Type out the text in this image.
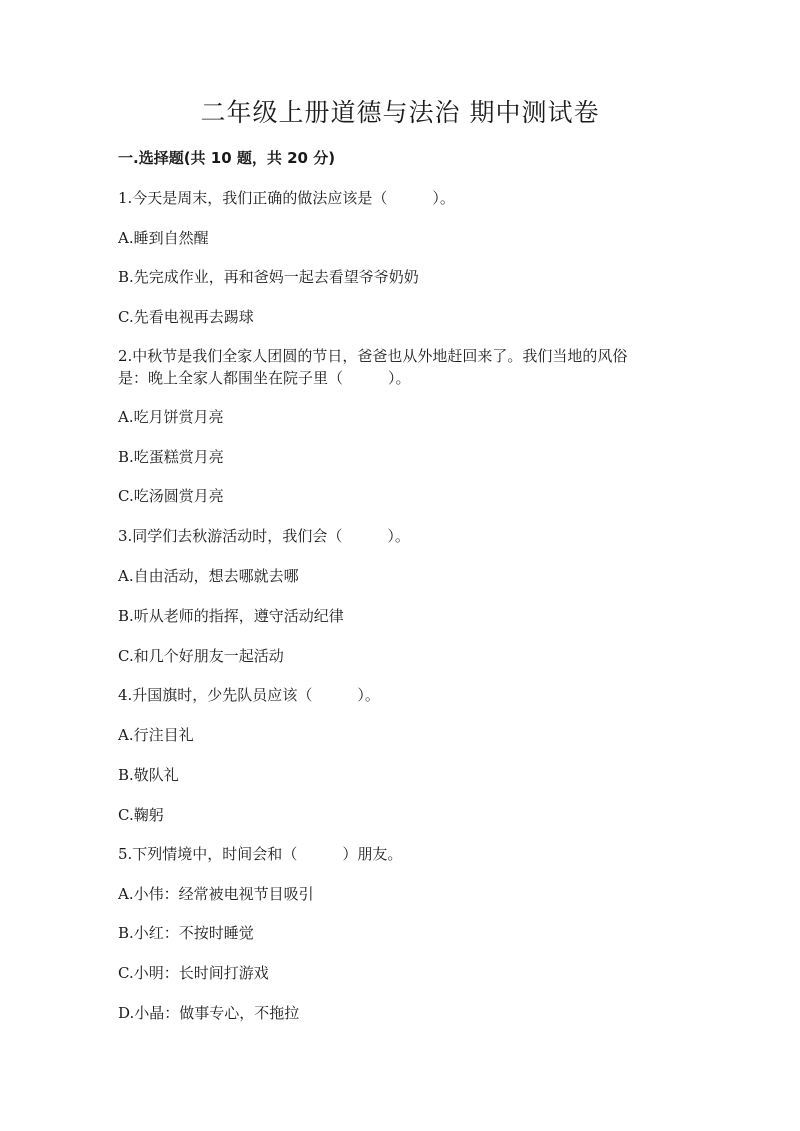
二年级上册道德与法治 期中测试卷
一.选择题(共 10 题，共 20 分)
1.今天是周末，我们正确的做法应该是（　　　）。
A.睡到自然醒
B.先完成作业，再和爸妈一起去看望爷爷奶奶
C.先看电视再去踢球
2.中秋节是我们全家人团圆的节日，爸爸也从外地赶回来了。我们当地的风俗
是：晚上全家人都围坐在院子里（　　　）。
A.吃月饼赏月亮
B.吃蛋糕赏月亮
C.吃汤圆赏月亮
3.同学们去秋游活动时，我们会（　　　）。
A.自由活动，想去哪就去哪
B.听从老师的指挥，遵守活动纪律
C.和几个好朋友一起活动
4.升国旗时，少先队员应该（　　　）。
A.行注目礼
B.敬队礼
C.鞠躬
5.下列情境中，时间会和（　　　）朋友。
A.小伟：经常被电视节目吸引
B.小红：不按时睡觉
C.小明：长时间打游戏
D.小晶：做事专心，不拖拉
